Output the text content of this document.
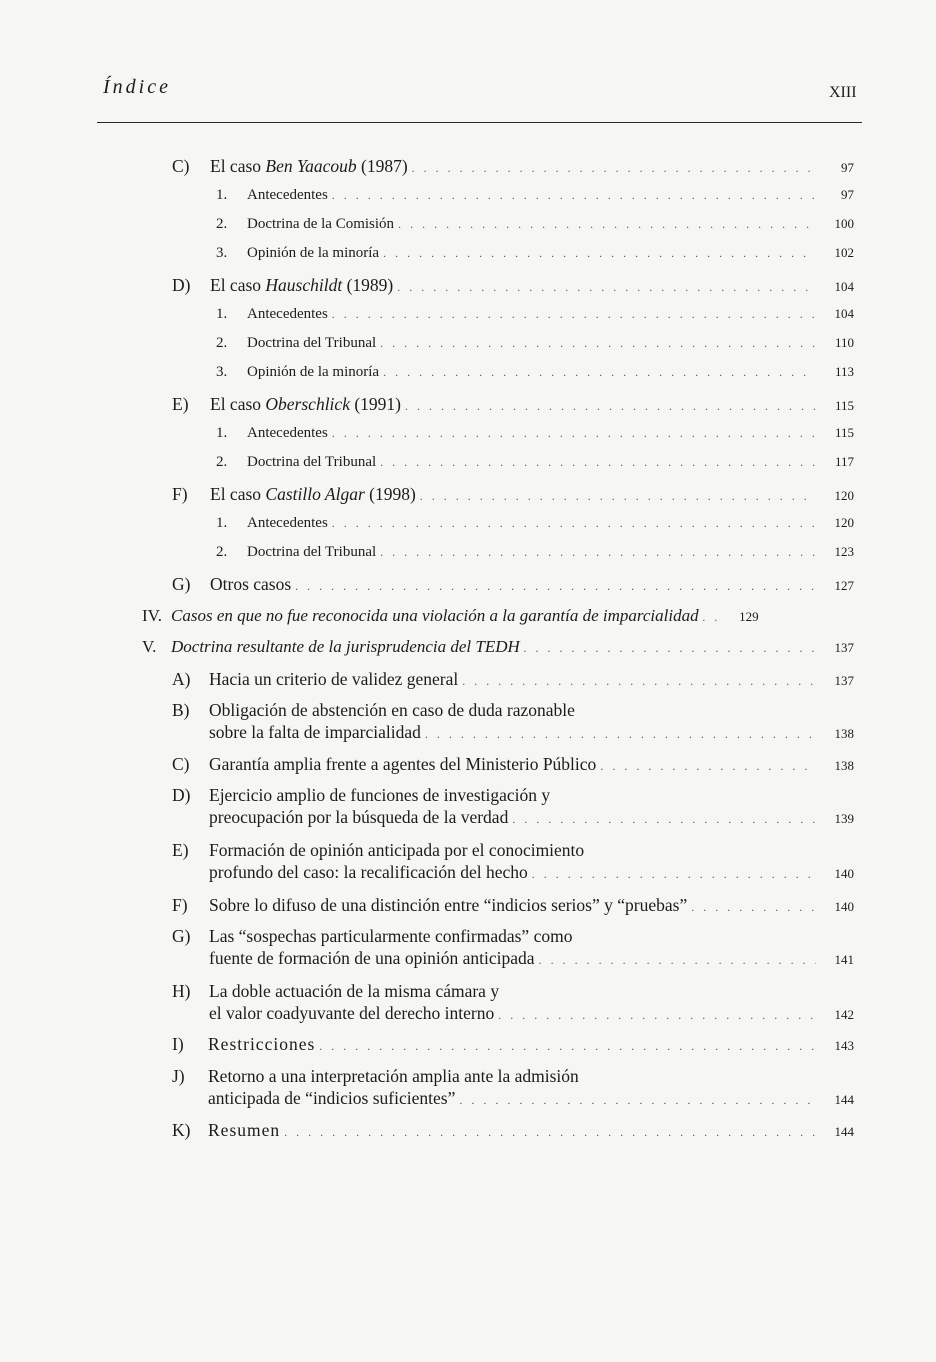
Índice	XIII
C) El caso Ben Yaacoub (1987) . . .	97
1. Antecedentes . . .	97
2. Doctrina de la Comisión . . .	100
3. Opinión de la minoría . . .	102
D) El caso Hauschildt (1989) . . .	104
1. Antecedentes . . .	104
2. Doctrina del Tribunal . . .	110
3. Opinión de la minoría . . .	113
E) El caso Oberschlick (1991) . . .	115
1. Antecedentes . . .	115
2. Doctrina del Tribunal . . .	117
F) El caso Castillo Algar (1998) . . .	120
1. Antecedentes . . .	120
2. Doctrina del Tribunal . . .	123
G) Otros casos . . .	127
IV. Casos en que no fue reconocida una violación a la garantía de imparcialidad . . .	129
V. Doctrina resultante de la jurisprudencia del TEDH . . .	137
A) Hacia un criterio de validez general . . .	137
B) Obligación de abstención en caso de duda razonable
sobre la falta de imparcialidad . . .	138
C) Garantía amplia frente a agentes del Ministerio Público . . .	138
D) Ejercicio amplio de funciones de investigación y
preocupación por la búsqueda de la verdad . . .	139
E) Formación de opinión anticipada por el conocimiento
profundo del caso: la recalificación del hecho . . .	140
F) Sobre lo difuso de una distinción entre “indicios serios” y “pruebas” . . .	140
G) Las “sospechas particularmente confirmadas” como
fuente de formación de una opinión anticipada . . .	141
H) La doble actuación de la misma cámara y
el valor coadyuvante del derecho interno . . .	142
I) Restricciones . . .	143
J) Retorno a una interpretación amplia ante la admisión
anticipada de “indicios suficientes” . . .	144
K) Resumen . . .	144
